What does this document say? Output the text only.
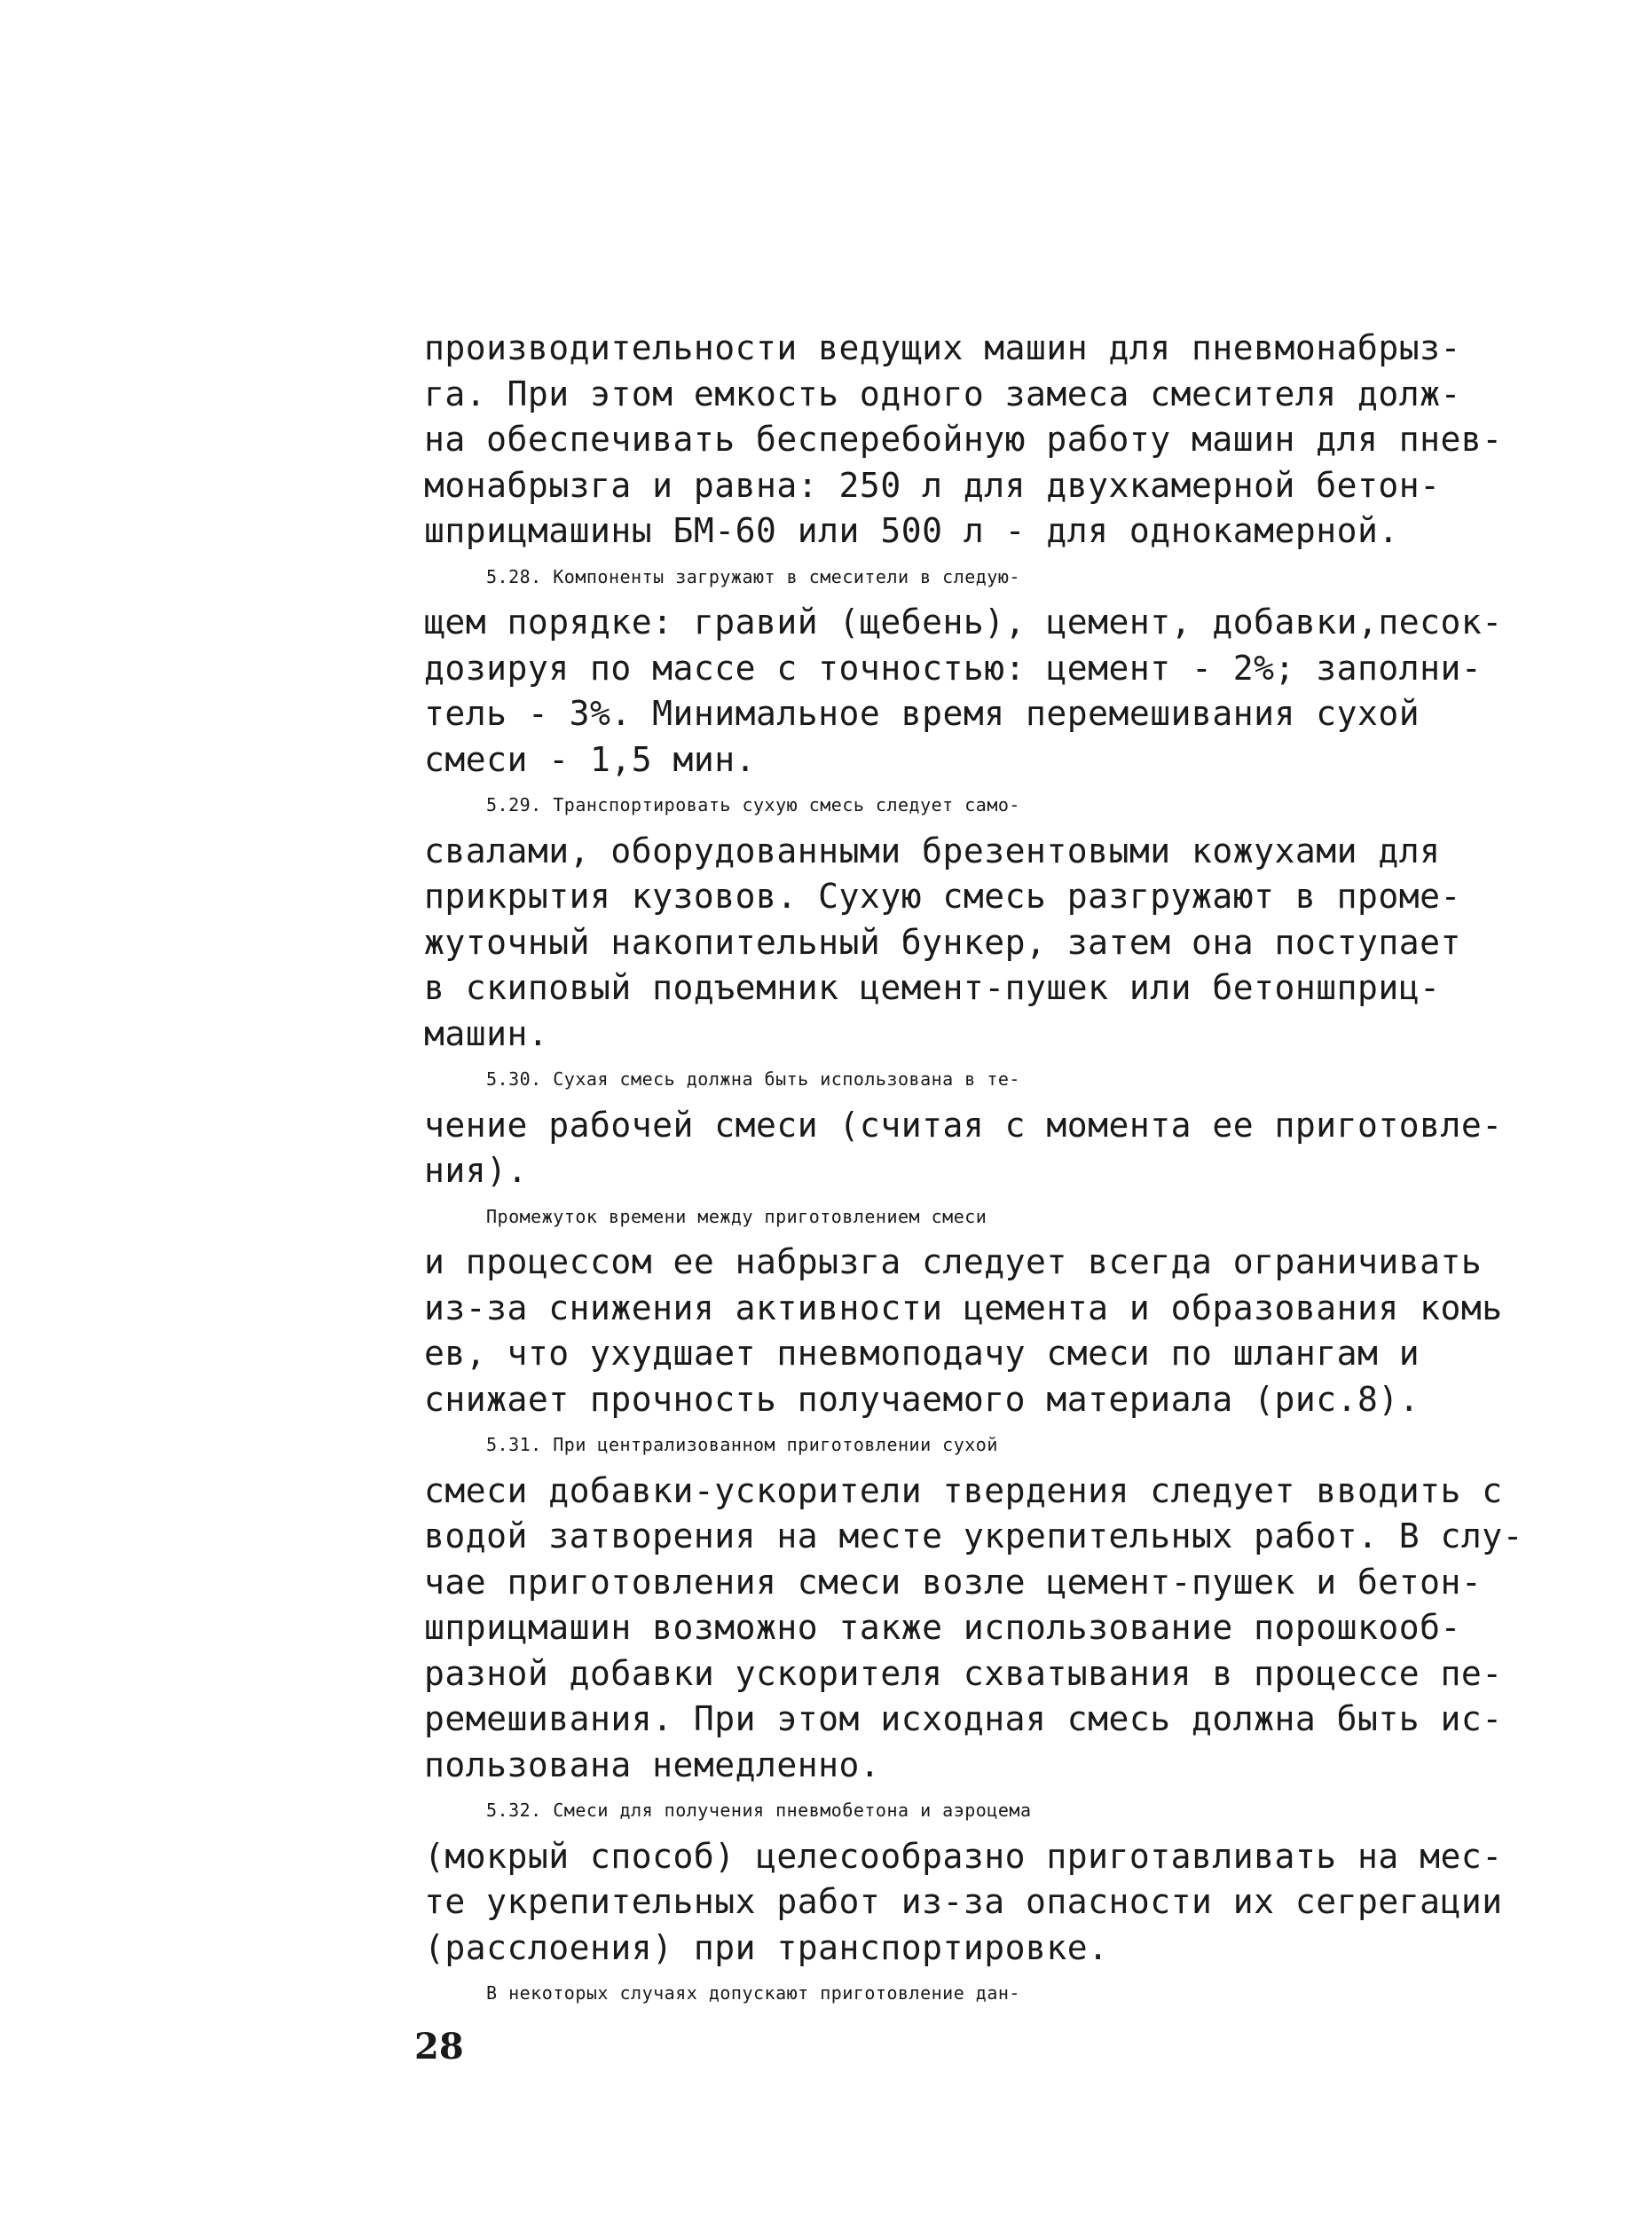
производительности ведущих машин для пневмонабрыз-
га. При этом емкость одного замеса смесителя долж-
на обеспечивать бесперебойную работу машин для пнев-
монабрызга и равна: 250 л для двухкамерной бетон-
шприцмашины БМ-60 или 500 л - для однокамерной.
5.28. Компоненты загружают в смесители в следую-
щем порядке: гравий (щебень), цемент, добавки,песок-
дозируя по массе с точностью: цемент - 2%; заполни-
тель - 3%. Минимальное время перемешивания сухой
смеси - 1,5 мин.
5.29. Транспортировать сухую смесь следует само-
свалами, оборудованными брезентовыми кожухами для
прикрытия кузовов. Сухую смесь разгружают в проме-
жуточный накопительный бункер, затем она поступает
в скиповый подъемник цемент-пушек или бетоншприц-
машин.
5.30. Сухая смесь должна быть использована в те-
чение рабочей смеси (считая с момента ее приготовле-
ния).
Промежуток времени между приготовлением смеси
и процессом ее набрызга следует всегда ограничивать
из-за снижения активности цемента и образования комь
ев, что ухудшает пневмоподачу смеси по шлангам и
снижает прочность получаемого материала (рис.8).
5.31. При централизованном приготовлении сухой
смеси добавки-ускорители твердения следует вводить с
водой затворения на месте укрепительных работ. В слу-
чае приготовления смеси возле цемент-пушек и бетон-
шприцмашин возможно также использование порошкооб-
разной добавки ускорителя схватывания в процессе пе-
ремешивания. При этом исходная смесь должна быть ис-
пользована немедленно.
5.32. Смеси для получения пневмобетона и аэроцема
(мокрый способ) целесообразно приготавливать на мес-
те укрепительных работ из-за опасности их сегрегации
(расслоения) при транспортировке.
В некоторых случаях допускают приготовление дан-
28
